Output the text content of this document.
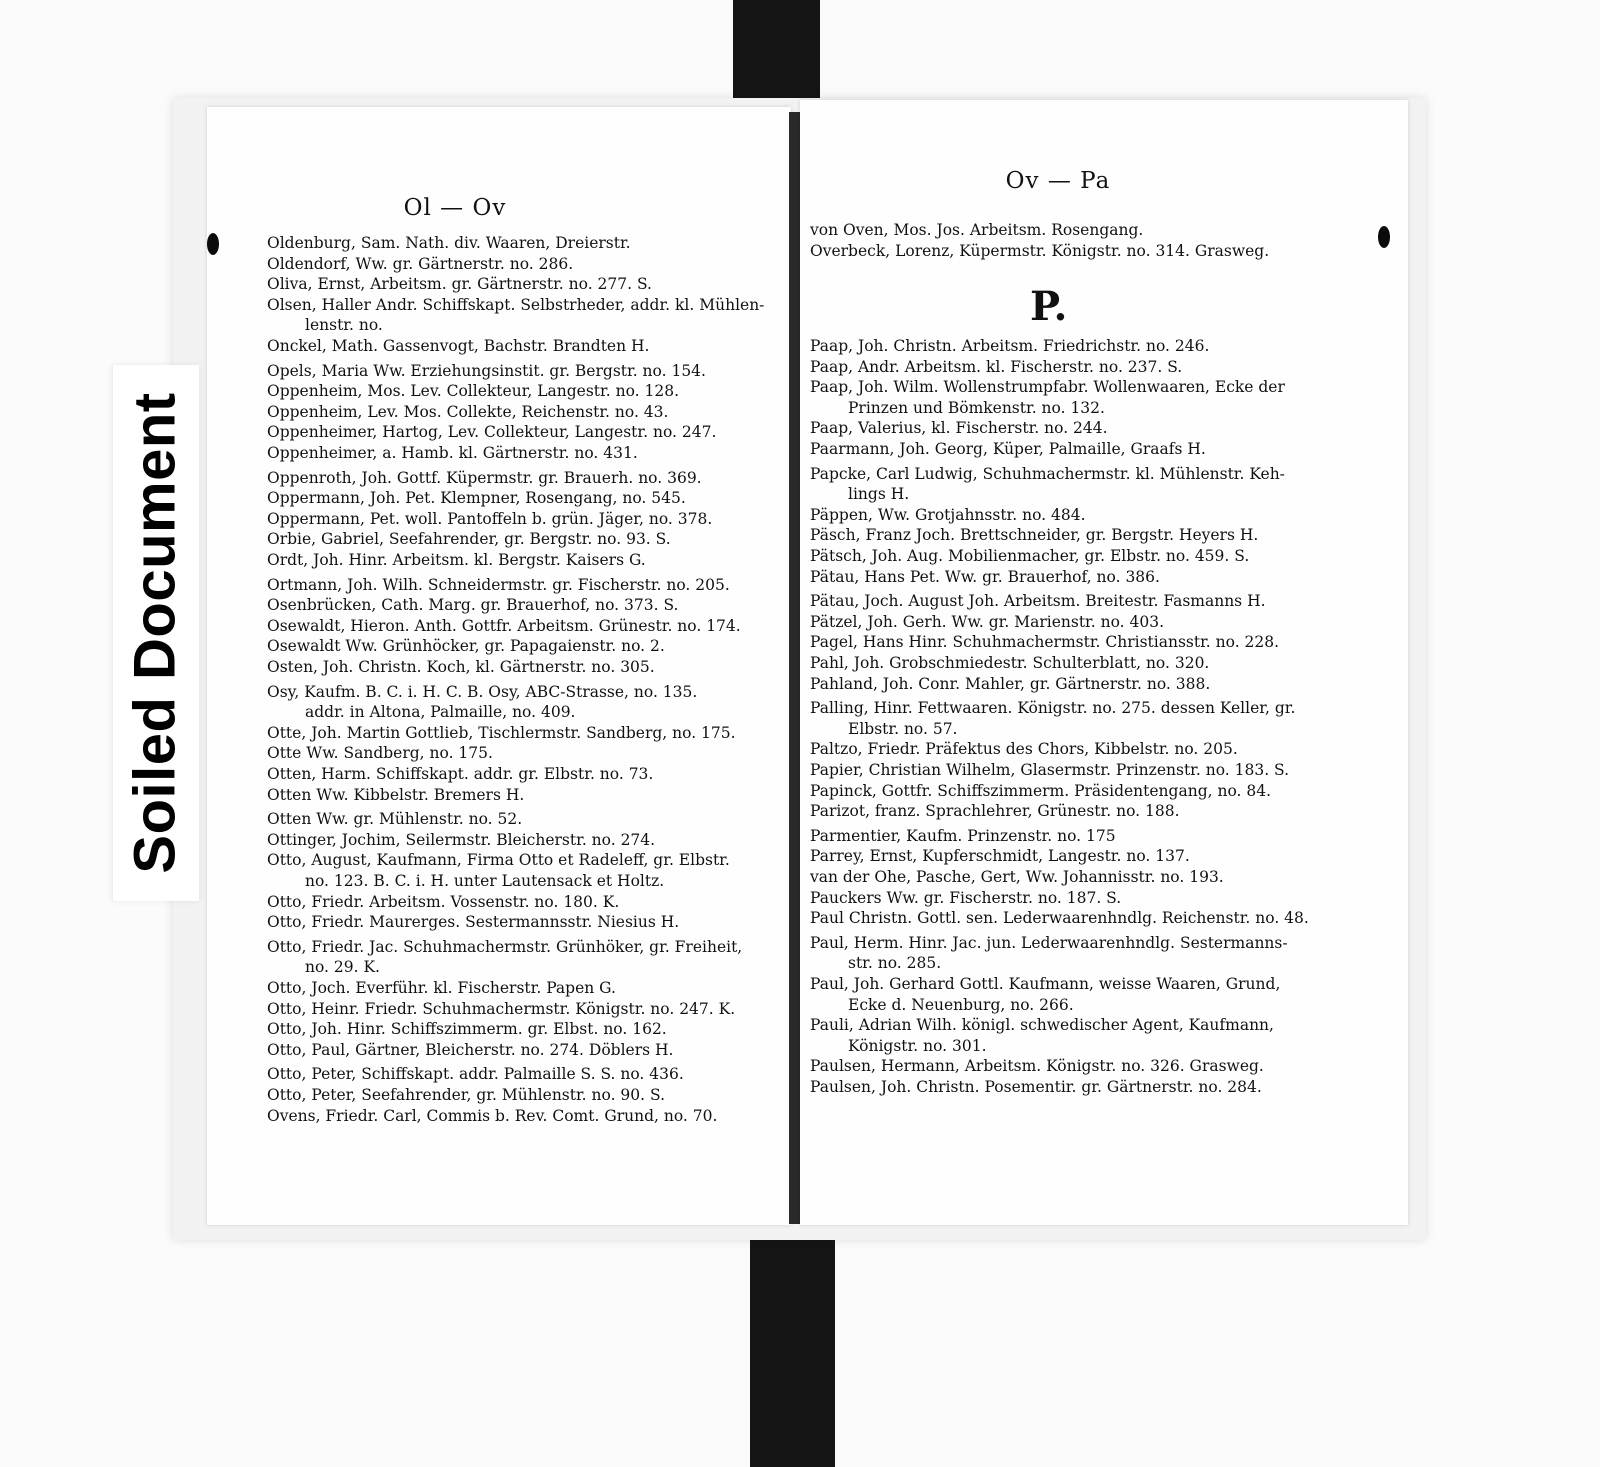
Ol — Ov
Oldenburg, Sam. Nath. div. Waaren, Dreierstr.
Oldendorf, Ww. gr. Gärtnerstr. no. 286.
Oliva, Ernst, Arbeitsm. gr. Gärtnerstr. no. 277. S.
Olsen, Haller Andr. Schiffskapt. Selbstrheder, addr. kl. Mühlen-
lenstr. no.
Onckel, Math. Gassenvogt, Bachstr. Brandten H.
Opels, Maria Ww. Erziehungsinstit. gr. Bergstr. no. 154.
Oppenheim, Mos. Lev. Collekteur, Langestr. no. 128.
Oppenheim, Lev. Mos. Collekte, Reichenstr. no. 43.
Oppenheimer, Hartog, Lev. Collekteur, Langestr. no. 247.
Oppenheimer, a. Hamb. kl. Gärtnerstr. no. 431.
Oppenroth, Joh. Gottf. Küpermstr. gr. Brauerh. no. 369.
Oppermann, Joh. Pet. Klempner, Rosengang, no. 545.
Oppermann, Pet. woll. Pantoffeln b. grün. Jäger, no. 378.
Orbie, Gabriel, Seefahrender, gr. Bergstr. no. 93. S.
Ordt, Joh. Hinr. Arbeitsm. kl. Bergstr. Kaisers G.
Ortmann, Joh. Wilh. Schneidermstr. gr. Fischerstr. no. 205.
Osenbrücken, Cath. Marg. gr. Brauerhof, no. 373. S.
Osewaldt, Hieron. Anth. Gottfr. Arbeitsm. Grünestr. no. 174.
Osewaldt Ww. Grünhöcker, gr. Papagaienstr. no. 2.
Osten, Joh. Christn. Koch, kl. Gärtnerstr. no. 305.
Osy, Kaufm. B. C. i. H. C. B. Osy, ABC-Strasse, no. 135.
addr. in Altona, Palmaille, no. 409.
Otte, Joh. Martin Gottlieb, Tischlermstr. Sandberg, no. 175.
Otte Ww. Sandberg, no. 175.
Otten, Harm. Schiffskapt. addr. gr. Elbstr. no. 73.
Otten Ww. Kibbelstr. Bremers H.
Otten Ww. gr. Mühlenstr. no. 52.
Ottinger, Jochim, Seilermstr. Bleicherstr. no. 274.
Otto, August, Kaufmann, Firma Otto et Radeleff, gr. Elbstr.
no. 123. B. C. i. H. unter Lautensack et Holtz.
Otto, Friedr. Arbeitsm. Vossenstr. no. 180. K.
Otto, Friedr. Maurerges. Sestermannsstr. Niesius H.
Otto, Friedr. Jac. Schuhmachermstr. Grünhöker, gr. Freiheit,
no. 29. K.
Otto, Joch. Everführ. kl. Fischerstr. Papen G.
Otto, Heinr. Friedr. Schuhmachermstr. Königstr. no. 247. K.
Otto, Joh. Hinr. Schiffszimmerm. gr. Elbst. no. 162.
Otto, Paul, Gärtner, Bleicherstr. no. 274. Döblers H.
Otto, Peter, Schiffskapt. addr. Palmaille S. S. no. 436.
Otto, Peter, Seefahrender, gr. Mühlenstr. no. 90. S.
Ovens, Friedr. Carl, Commis b. Rev. Comt. Grund, no. 70.
Ov — Pa
von Oven, Mos. Jos. Arbeitsm. Rosengang.
Overbeck, Lorenz, Küpermstr. Königstr. no. 314. Grasweg.
P.
Paap, Joh. Christn. Arbeitsm. Friedrichstr. no. 246.
Paap, Andr. Arbeitsm. kl. Fischerstr. no. 237. S.
Paap, Joh. Wilm. Wollenstrumpfabr. Wollenwaaren, Ecke der
Prinzen und Bömkenstr. no. 132.
Paap, Valerius, kl. Fischerstr. no. 244.
Paarmann, Joh. Georg, Küper, Palmaille, Graafs H.
Papcke, Carl Ludwig, Schuhmachermstr. kl. Mühlenstr. Keh-
lings H.
Päppen, Ww. Grotjahnsstr. no. 484.
Päsch, Franz Joch. Brettschneider, gr. Bergstr. Heyers H.
Pätsch, Joh. Aug. Mobilienmacher, gr. Elbstr. no. 459. S.
Pätau, Hans Pet. Ww. gr. Brauerhof, no. 386.
Pätau, Joch. August Joh. Arbeitsm. Breitestr. Fasmanns H.
Pätzel, Joh. Gerh. Ww. gr. Marienstr. no. 403.
Pagel, Hans Hinr. Schuhmachermstr. Christiansstr. no. 228.
Pahl, Joh. Grobschmiedestr. Schulterblatt, no. 320.
Pahland, Joh. Conr. Mahler, gr. Gärtnerstr. no. 388.
Palling, Hinr. Fettwaaren. Königstr. no. 275. dessen Keller, gr.
Elbstr. no. 57.
Paltzo, Friedr. Präfektus des Chors, Kibbelstr. no. 205.
Papier, Christian Wilhelm, Glasermstr. Prinzenstr. no. 183. S.
Papinck, Gottfr. Schiffszimmerm. Präsidentengang, no. 84.
Parizot, franz. Sprachlehrer, Grünestr. no. 188.
Parmentier, Kaufm. Prinzenstr. no. 175
Parrey, Ernst, Kupferschmidt, Langestr. no. 137.
van der Ohe, Pasche, Gert, Ww. Johannisstr. no. 193.
Pauckers Ww. gr. Fischerstr. no. 187. S.
Paul Christn. Gottl. sen. Lederwaarenhndlg. Reichenstr. no. 48.
Paul, Herm. Hinr. Jac. jun. Lederwaarenhndlg. Sestermanns-
str. no. 285.
Paul, Joh. Gerhard Gottl. Kaufmann, weisse Waaren, Grund,
Ecke d. Neuenburg, no. 266.
Pauli, Adrian Wilh. königl. schwedischer Agent, Kaufmann,
Königstr. no. 301.
Paulsen, Hermann, Arbeitsm. Königstr. no. 326. Grasweg.
Paulsen, Joh. Christn. Posementir. gr. Gärtnerstr. no. 284.
Soiled Document
